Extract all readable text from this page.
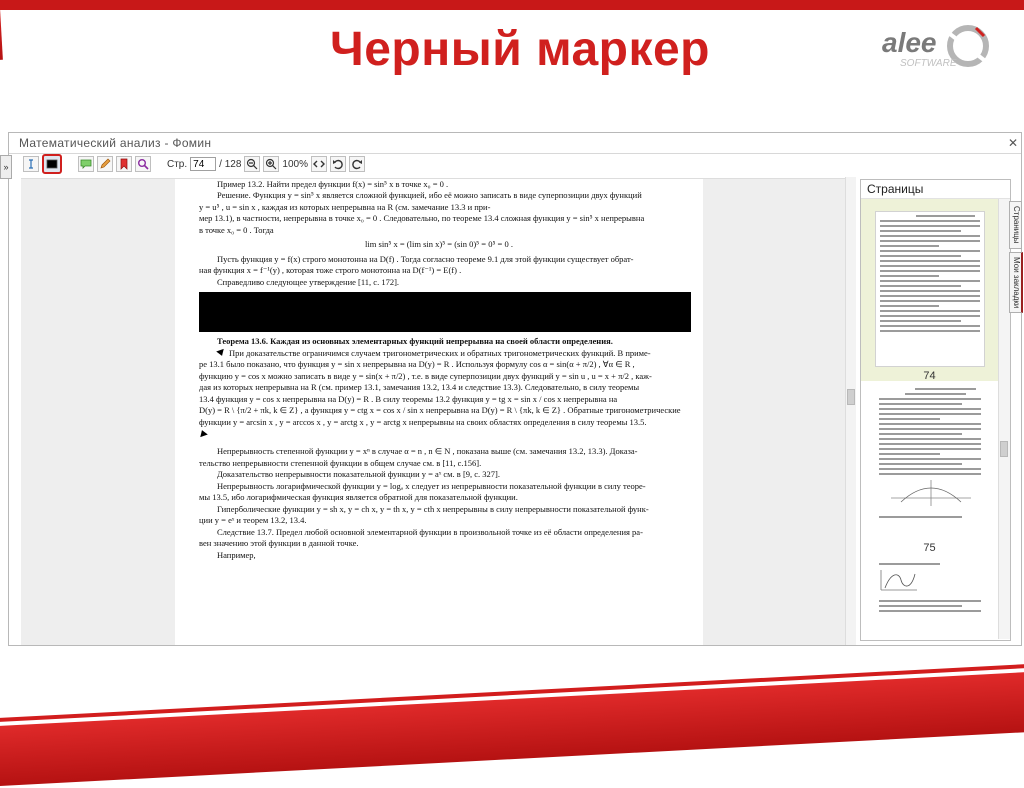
Черный маркер	alee
SOFTWARE
Математический анализ - Фомин	✕
»	Стр.
74	/ 128	100%

Пример 13.2. Найти предел функции f(x) = sin⁵ x в точке x₀ = 0 .

Решение. Функция y = sin⁵ x является сложной функцией, ибо её можно записать в виде суперпозиции двух функций

y = u⁵ , u = sin x , каждая из которых непрерывна на R (см. замечание 13.3 и при-

мер 13.1), в частности, непрерывна в точке x₀ = 0 . Следовательно, по теореме 13.4 сложная функция y = sin⁵ x непрерывна

в точке x₀ = 0 . Тогда

lim sin⁵ x = (lim sin x)⁵ = (sin 0)⁵ = 0⁵ = 0 .

Пусть функция y = f(x) строго монотонна на D(f) . Тогда согласно теореме 9.1 для этой функции существует обрат-

ная функция x = f⁻¹(y) , которая тоже строго монотонна на D(f⁻¹) = E(f) .

Справедливо следующее утверждение [11, с. 172].

Теорема 13.6. Каждая из основных элементарных функций непрерывна на своей области определения.

При доказательстве ограничимся случаем тригонометрических и обратных тригонометрических функций. В приме-

ре 13.1 было показано, что функция y = sin x непрерывна на D(y) = R . Используя формулу cos α = sin(α + π/2) , ∀α ∈ R ,

функцию y = cos x можно записать в виде y = sin(x + π/2) , т.е. в виде суперпозиции двух функций y = sin u , u = x + π/2 , каж-

дая из которых непрерывна на R (см. пример 13.1, замечания 13.2, 13.4 и следствие 13.3). Следовательно, в силу теоремы

13.4 функция y = cos x непрерывна на D(y) = R . В силу теоремы 13.2 функция y = tg x = sin x / cos x непрерывна на

D(y) = R \ {π/2 + πk, k ∈ Z} , а функция y = ctg x = cos x / sin x непрерывна на D(y) = R \ {πk, k ∈ Z} . Обратные тригонометрические

функции y = arcsin x , y = arccos x , y = arctg x , y = arctg x непрерывны на своих областях определения в силу теоремы 13.5.

Непрерывность степенной функции y = xⁿ в случае α = n , n ∈ N , показана выше (см. замечания 13.2, 13.3). Доказа-

тельство непрерывности степенной функции в общем случае см. в [11, с.156].

Доказательство непрерывности показательной функции y = aˣ см. в [9, с. 327].

Непрерывность логарифмической функции y = logₐ x следует из непрерывности показательной функции в силу теоре-

мы 13.5, ибо логарифмическая функция является обратной для показательной функции.

Гиперболические функции y = sh x, y = ch x, y = th x, y = cth x непрерывны в силу непрерывности показательной функ-

ции y = eˣ и теорем 13.2, 13.4.

Следствие 13.7. Предел любой основной элементарной функции в произвольной точке из её области определения ра-

вен значению этой функции в данной точке.

Например,

Страницы
74
75
Страницы
Мои закладки
